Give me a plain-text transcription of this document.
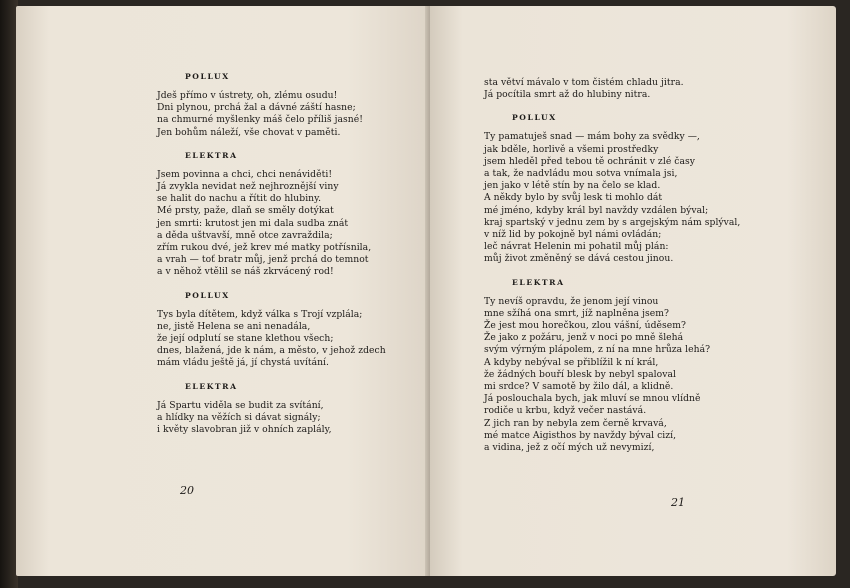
POLLUX
Jdeš přímo v ústrety, oh, zlému osudu!
Dni plynou, prchá žal a dávné záští hasne;
na chmurné myšlenky máš čelo příliš jasné!
Jen bohům náleží, vše chovat v paměti.
ELEKTRA
Jsem povinna a chci, chci nenáviděti!
Já zvykla nevidat než nejhroznější viny
se halit do nachu a řítit do hlubiny.
Mé prsty, paže, dlaň se směly dotýkat
jen smrti: krutost jen mi dala sudba znát
a děda uštvavší, mně otce zavraždila;
zřím rukou dvé, jež krev mé matky potřísnila,
a vrah — toť bratr můj, jenž prchá do temnot
a v něhož vtělil se náš zkrvácený rod!
POLLUX
Tys byla dítětem, když válka s Trojí vzplála;
ne, jistě Helena se ani nenadála,
že její odplutí se stane klethou všech;
dnes, blažená, jde k nám, a město, v jehož zdech
mám vládu ještě já, jí chystá uvítání.
ELEKTRA
Já Spartu viděla se budit za svítání,
a hlídky na věžích si dávat signály;
i květy slavobran již v ohních zaplály,
20
sta větví mávalo v tom čistém chladu jitra.
Já pocítila smrt až do hlubiny nitra.
POLLUX
Ty pamatuješ snad — mám bohy za svědky —,
jak bděle, horlivě a všemi prostředky
jsem hleděl před tebou tě ochránit v zlé časy
a tak, že nadvládu mou sotva vnímala jsi,
jen jako v létě stín by na čelo se klad.
A někdy bylo by svůj lesk ti mohlo dát
mé jméno, kdyby král byl navždy vzdálen býval;
kraj spartský v jednu zem by s argejským nám splýval,
v níž lid by pokojně byl námi ovládán;
leč návrat Helenin mi pohatil můj plán:
můj život změněný se dává cestou jinou.
ELEKTRA
Ty nevíš opravdu, že jenom její vinou
mne sžíhá ona smrt, jíž naplněna jsem?
Že jest mou horečkou, zlou vášní, úděsem?
Že jako z požáru, jenž v noci po mně šlehá
svým výrným plápolem, z ní na mne hrůza lehá?
A kdyby nebýval se přiblížil k ní král,
že žádných bouří blesk by nebyl spaloval
mi srdce? V samotě by žilo dál, a klidně.
Já poslouchala bych, jak mluví se mnou vlídně
rodiče u krbu, když večer nastává.
Z jich ran by nebyla zem černě krvavá,
mé matce Aigisthos by navždy býval cizí,
a vidina, jež z očí mých už nevymizí,
21
